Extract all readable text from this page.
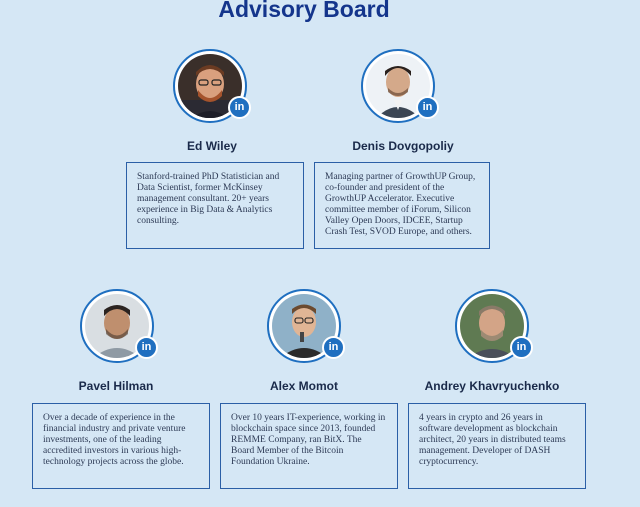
Advisory Board
in
Ed Wiley
Stanford-trained PhD Statistician and Data Scientist, former McKinsey management consultant. 20+ years experience in Big Data & Analytics consulting.
in
Denis Dovgopoliy
Managing partner of GrowthUP Group, co-founder and president of the GrowthUP Accelerator. Executive committee member of iForum, Silicon Valley Open Doors, IDCEE, Startup Crash Test, SVOD Europe, and others.
in
Pavel Hilman
Over a decade of experience in the financial industry and private venture investments, one of the leading accredited investors in various high-technology projects across the globe.
in
Alex Momot
Over 10 years IT-experience, working in blockchain space since 2013, founded REMME Company, ran BitX. The Board Member of the Bitcoin Foundation Ukraine.
in
Andrey Khavryuchenko
4 years in crypto and 26 years in software development as blockchain architect, 20 years in distributed teams management. Developer of DASH cryptocurrency.
